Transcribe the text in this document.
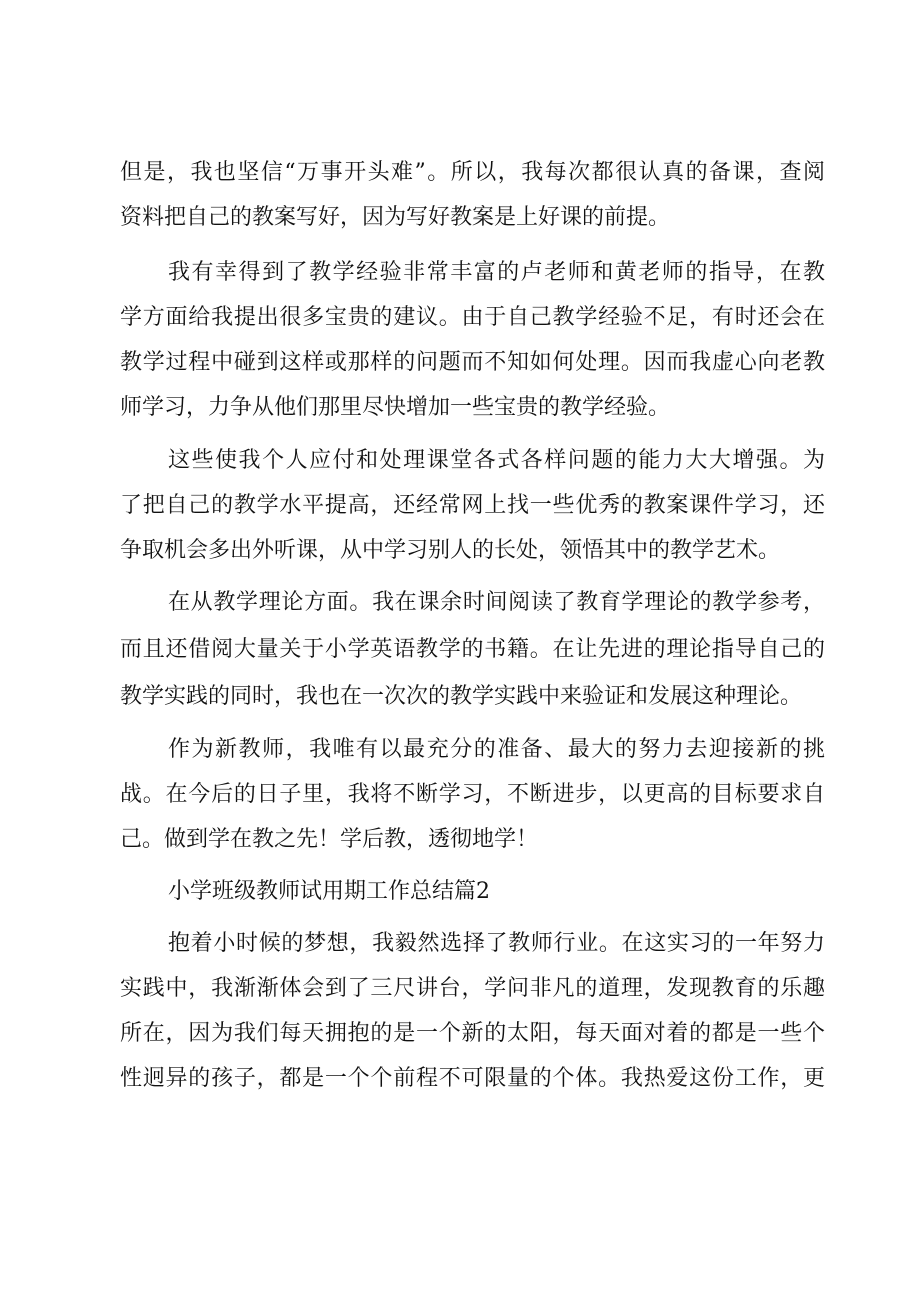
但是，我也坚信“万事开头难”。所以，我每次都很认真的备课，查阅
资料把自己的教案写好，因为写好教案是上好课的前提。
我有幸得到了教学经验非常丰富的卢老师和黄老师的指导，在教
学方面给我提出很多宝贵的建议。由于自己教学经验不足，有时还会在
教学过程中碰到这样或那样的问题而不知如何处理。因而我虚心向老教
师学习，力争从他们那里尽快增加一些宝贵的教学经验。
这些使我个人应付和处理课堂各式各样问题的能力大大增强。为
了把自己的教学水平提高，还经常网上找一些优秀的教案课件学习，还
争取机会多出外听课，从中学习别人的长处，领悟其中的教学艺术。
在从教学理论方面。我在课余时间阅读了教育学理论的教学参考，
而且还借阅大量关于小学英语教学的书籍。在让先进的理论指导自己的
教学实践的同时，我也在一次次的教学实践中来验证和发展这种理论。
作为新教师，我唯有以最充分的准备、最大的努力去迎接新的挑
战。在今后的日子里，我将不断学习，不断进步，以更高的目标要求自
己。做到学在教之先！学后教，透彻地学！
小学班级教师试用期工作总结篇2
抱着小时候的梦想，我毅然选择了教师行业。在这实习的一年努力
实践中，我渐渐体会到了三尺讲台，学问非凡的道理，发现教育的乐趣
所在，因为我们每天拥抱的是一个新的太阳，每天面对着的都是一些个
性迥异的孩子，都是一个个前程不可限量的个体。我热爱这份工作，更
